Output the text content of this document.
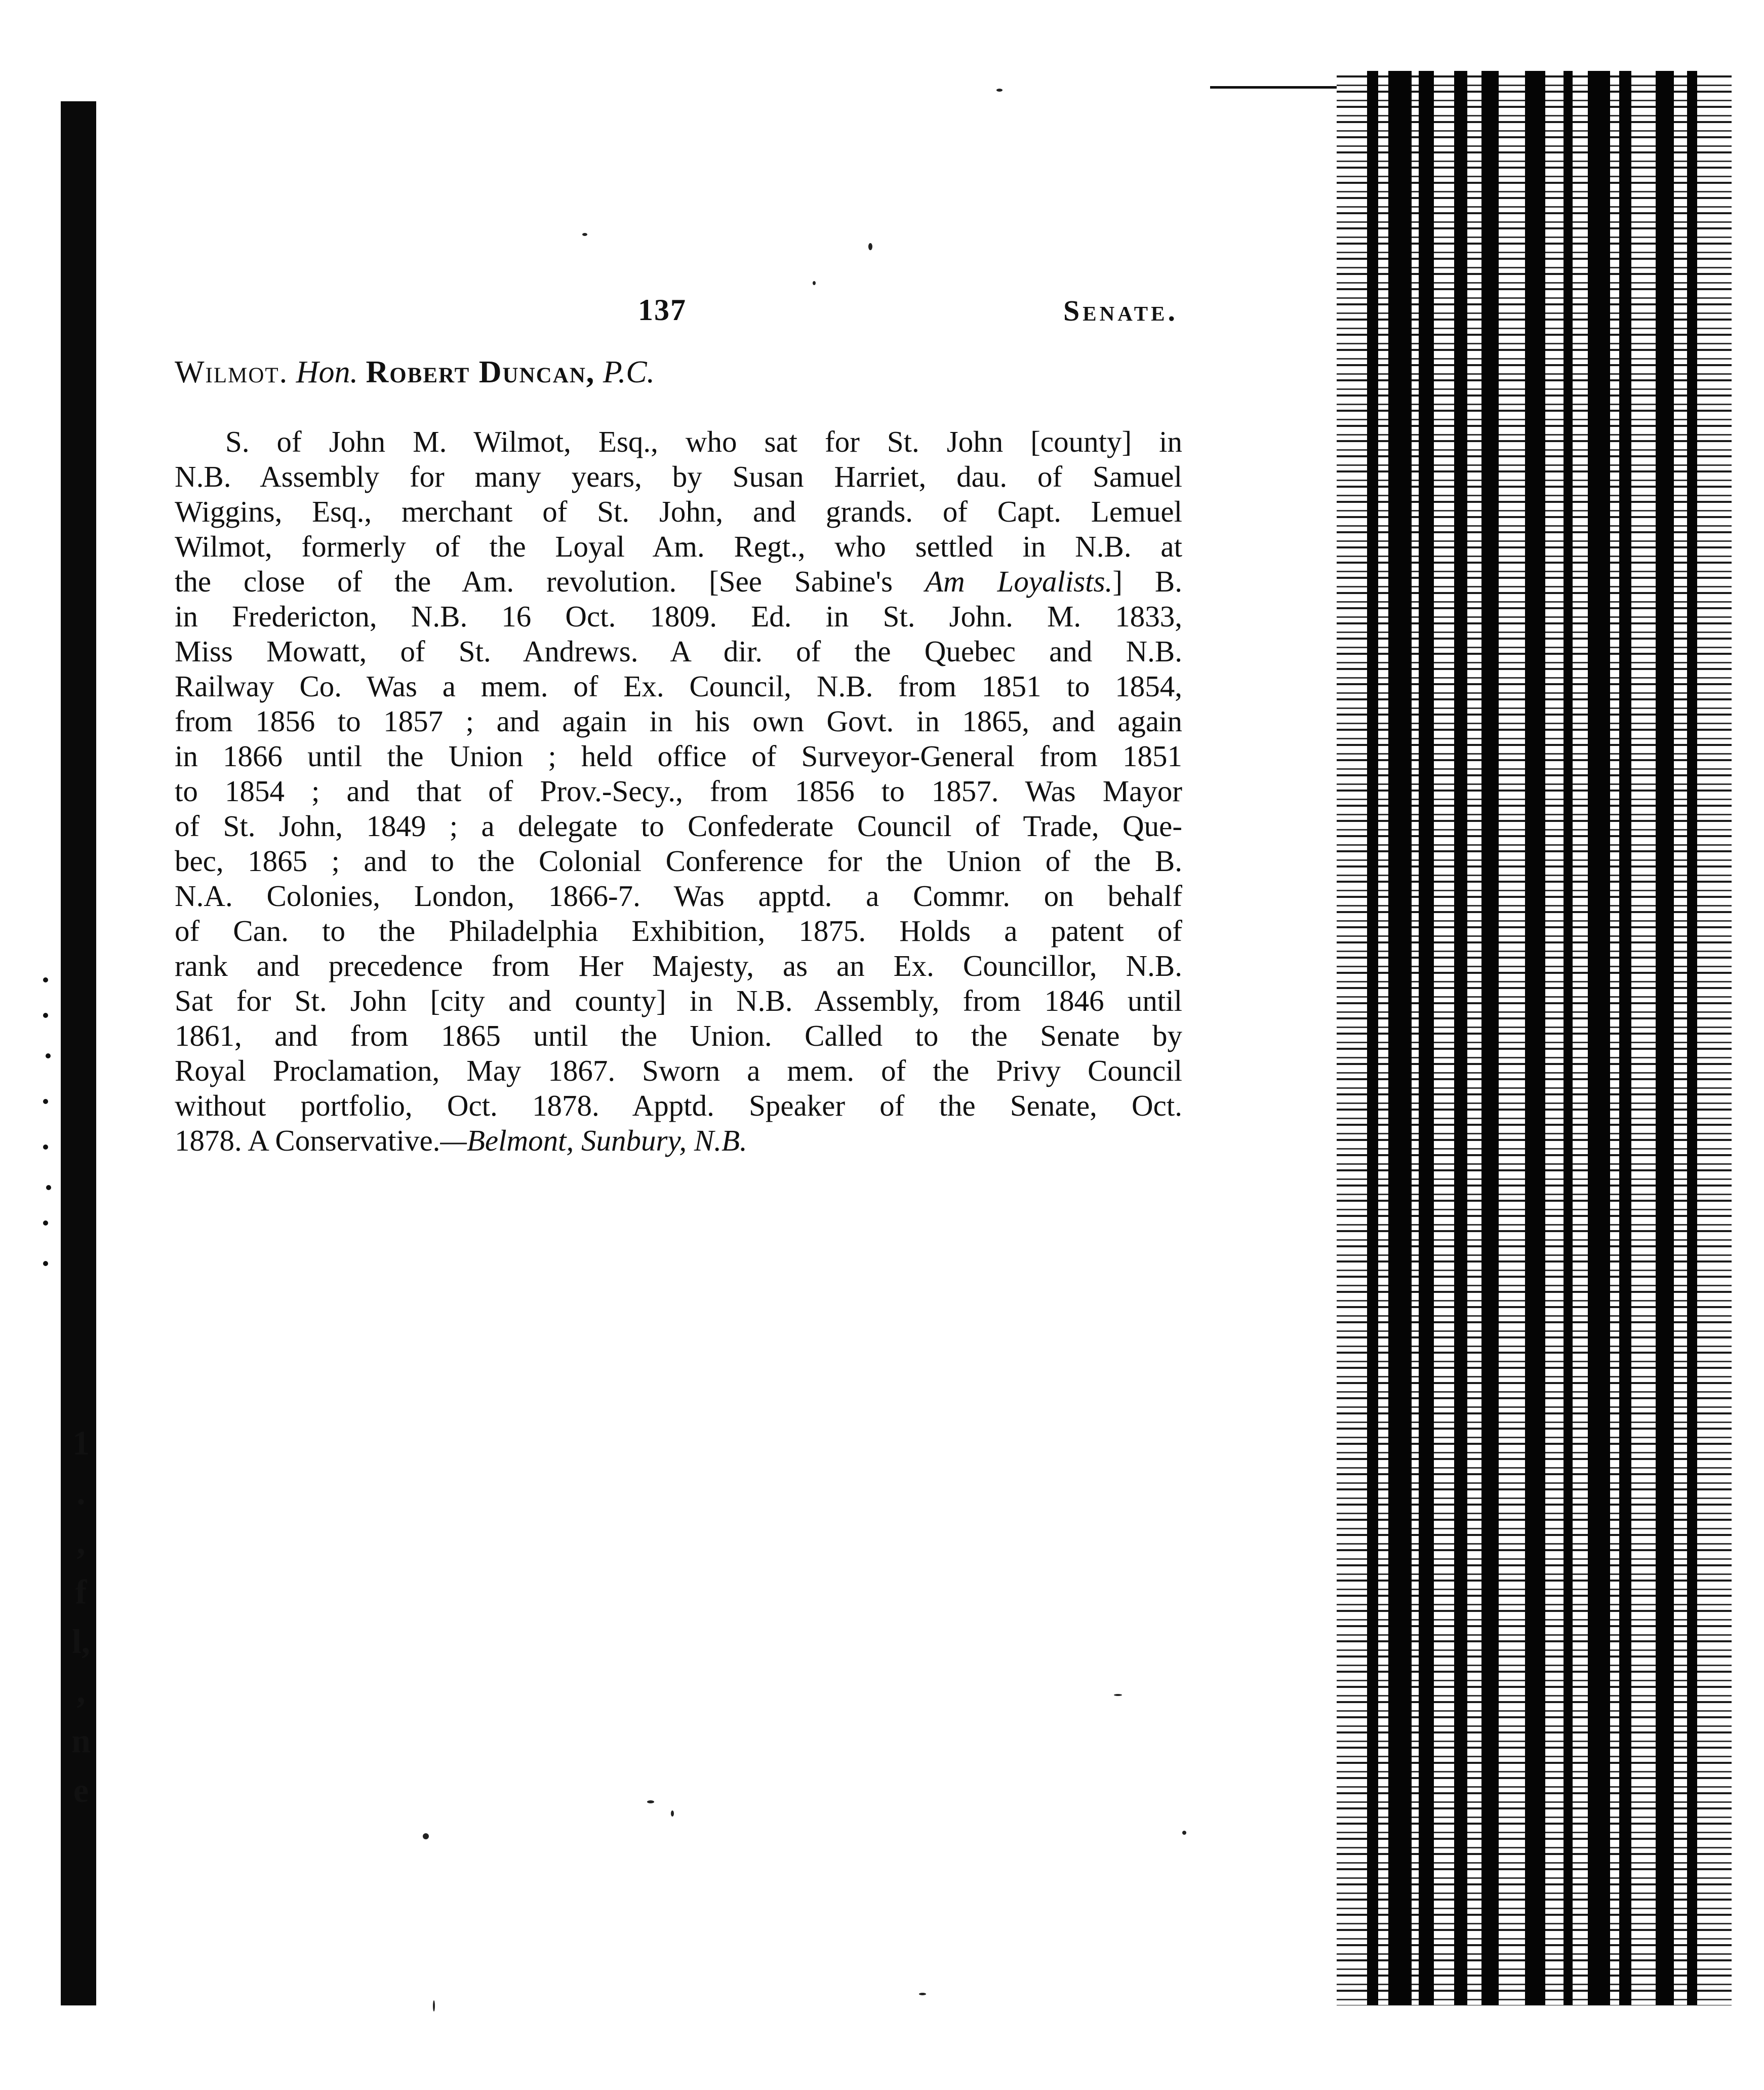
1
.
,
f
l,
,
n
e
137	Senate.
Wilmot. Hon. Robert Duncan, P.C.
S. of John M. Wilmot, Esq., who sat for St. John [county] in
N.B. Assembly for many years, by Susan Harriet, dau. of Samuel
Wiggins, Esq., merchant of St. John, and grands. of Capt. Lemuel
Wilmot, formerly of the Loyal Am. Regt., who settled in N.B. at
the close of the Am. revolution. [See Sabine's Am Loyalists.] B.
in Fredericton, N.B. 16 Oct. 1809. Ed. in St. John. M. 1833,
Miss Mowatt, of St. Andrews. A dir. of the Quebec and N.B.
Railway Co. Was a mem. of Ex. Council, N.B. from 1851 to 1854,
from 1856 to 1857 ; and again in his own Govt. in 1865, and again
in 1866 until the Union ; held office of Surveyor-General from 1851
to 1854 ; and that of Prov.-Secy., from 1856 to 1857. Was Mayor
of St. John, 1849 ; a delegate to Confederate Council of Trade, Que-
bec, 1865 ; and to the Colonial Conference for the Union of the B.
N.A. Colonies, London, 1866-7. Was apptd. a Commr. on behalf
of Can. to the Philadelphia Exhibition, 1875. Holds a patent of
rank and precedence from Her Majesty, as an Ex. Councillor, N.B.
Sat for St. John [city and county] in N.B. Assembly, from 1846 until
1861, and from 1865 until the Union. Called to the Senate by
Royal Proclamation, May 1867. Sworn a mem. of the Privy Council
without portfolio, Oct. 1878. Apptd. Speaker of the Senate, Oct.
1878. A Conservative.—Belmont, Sunbury, N.B.
